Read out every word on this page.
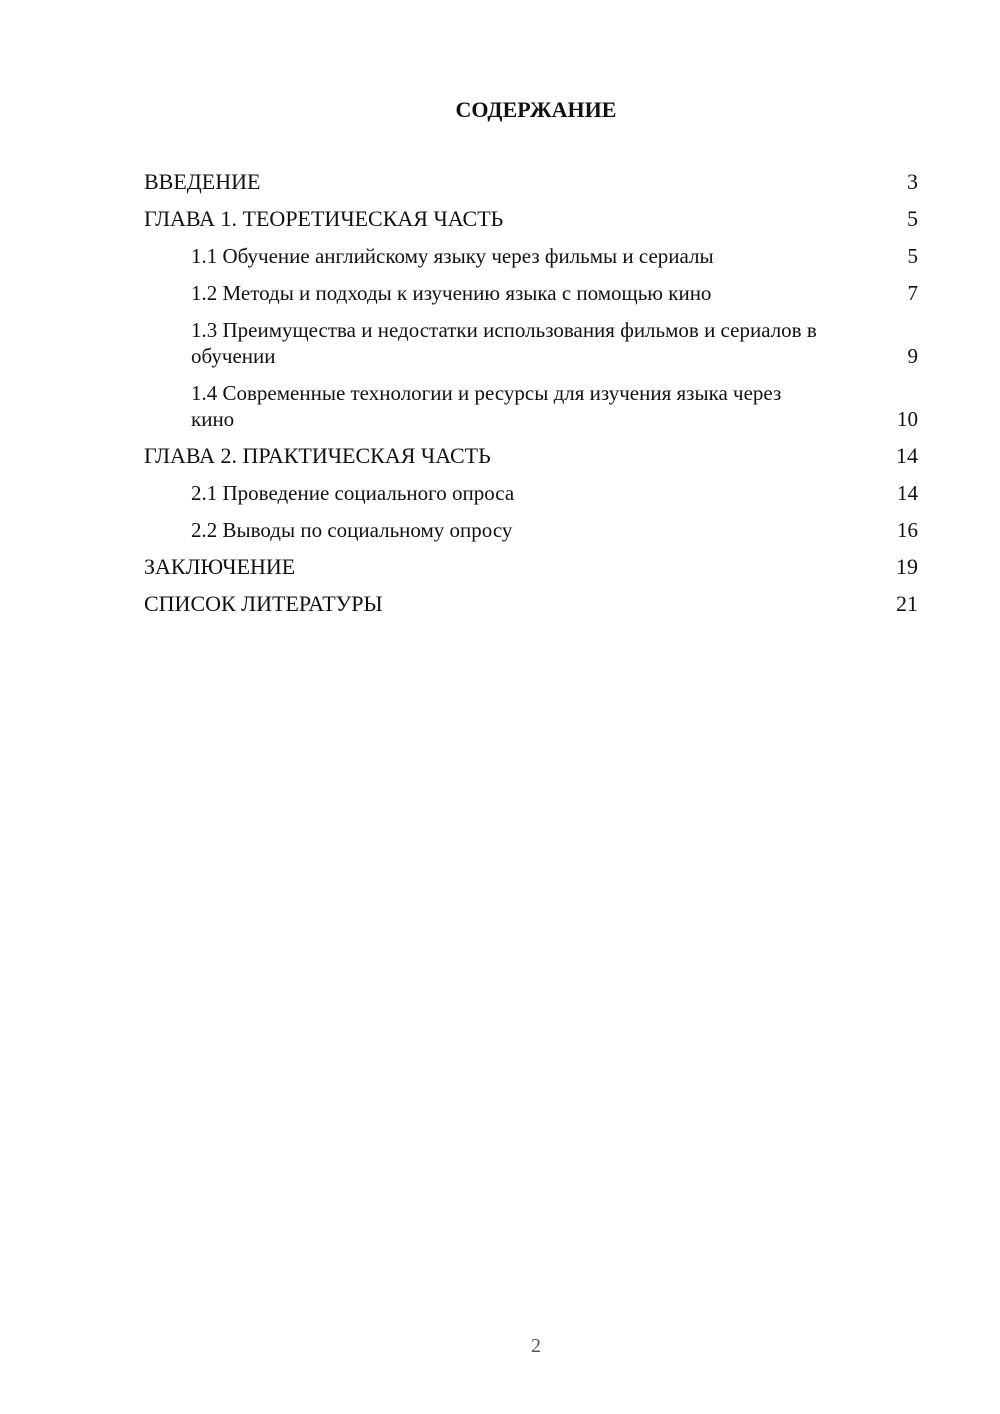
СОДЕРЖАНИЕ
ВВЕДЕНИЕ	3
ГЛАВА 1. ТЕОРЕТИЧЕСКАЯ ЧАСТЬ	5
1.1 Обучение английскому языку через фильмы и сериалы	5
1.2 Методы и подходы к изучению языка с помощью кино	7
1.3 Преимущества и недостатки использования фильмов и сериалов в обучении	9
1.4 Современные технологии и ресурсы для изучения языка через кино	10
ГЛАВА 2. ПРАКТИЧЕСКАЯ ЧАСТЬ	14
2.1 Проведение социального опроса	14
2.2 Выводы по социальному опросу	16
ЗАКЛЮЧЕНИЕ	19
СПИСОК ЛИТЕРАТУРЫ	21
2
